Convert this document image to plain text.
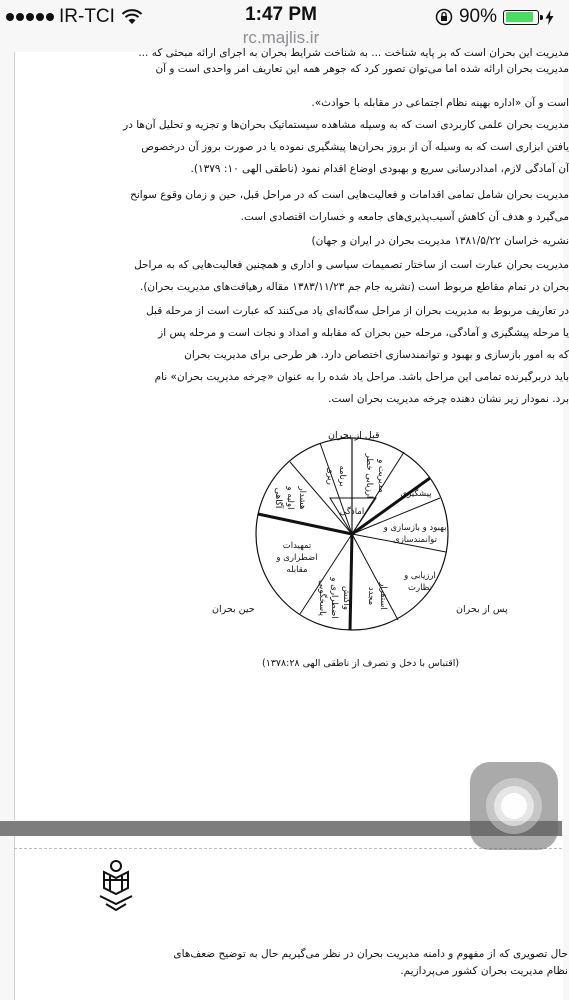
IR-TCI	1:47 PM	90%
rc.majlis.ir

مدیریت این بحران است که بر پایه شناخت ... به شناخت شرایط بحران به اجرای ارائه مبحثی که ...

مدیریت بحران ارائه شده اما می‌توان تصور کرد که جوهر همه این تعاریف امر واحدی است و آن

است و آن «اداره بهینه نظام اجتماعی در مقابله با حوادث».

مدیریت بحران علمی کاربردی است که به وسیله مشاهده سیستماتیک بحران‌ها و تجزیه و تحلیل آن‌ها در

یافتن ابزاری است که به وسیله آن از بروز بحران‌ها پیشگیری نموده یا در صورت بروز آن درخصوص

آن آمادگی لازم، امدادرسانی سریع و بهبودی اوضاع اقدام نمود (ناطقی الهی ۱۰: ۱۳۷۹).

مدیریت بحران شامل تمامی اقدامات و فعالیت‌هایی است که در مراحل قبل، حین و زمان وقوع سوانح

می‌گیرد و هدف آن کاهش آسیب‌پذیری‌های جامعه و خسارات اقتصادی است.

نشریه خراسان ۱۳۸۱/۵/۲۲ مدیریت بحران در ایران و جهان)

مدیریت بحران عبارت است از ساختار تصمیمات سیاسی و اداری و همچنین فعالیت‌هایی که به مراحل

بحران در تمام مقاطع مربوط است (نشریه جام جم ۱۳۸۳/۱۱/۲۳ مقاله رهیافت‌های مدیریت بحران).

در تعاریف مربوط به مدیریت بحران از مراحل سه‌گانه‌ای یاد می‌کنند که عبارت است از مرحله قبل

یا مرحله پیشگیری و آمادگی، مرحله حین بحران که مقابله و امداد و نجات است و مرحله پس از

که به امور بازسازی و بهبود و توانمندسازی اختصاص دارد. هر طرحی برای مدیریت بحران

باید دربرگیرنده تمامی این مراحل باشد. مراحل یاد شده را به عنوان «چرخه مدیریت بحران» نام

برد. نمودار زیر نشان دهنده چرخه مدیریت بحران است.

قبل از بحران
حین بحران	پس از بحران
امادگی
پیشگیری
بهبود و بازسازی و توانمندسازی
ارزیابی و نظارت
استقرار مجدد
واکنش اضطراری و پاسخگویی
تمهیدات اضطراری و مقابله
هشدار اولیه و آگاهی
برنامه ریزی	مدیریت و ارزیابی خطر
(اقتباس با دخل و تصرف از ناطقی الهی ۱۳۷۸:۲۸)

حال تصویری که از مفهوم و دامنه مدیریت بحران در نظر می‌گیریم حال به توضیح ضعف‌های
نظام مدیریت بحران کشور می‌پردازیم.
